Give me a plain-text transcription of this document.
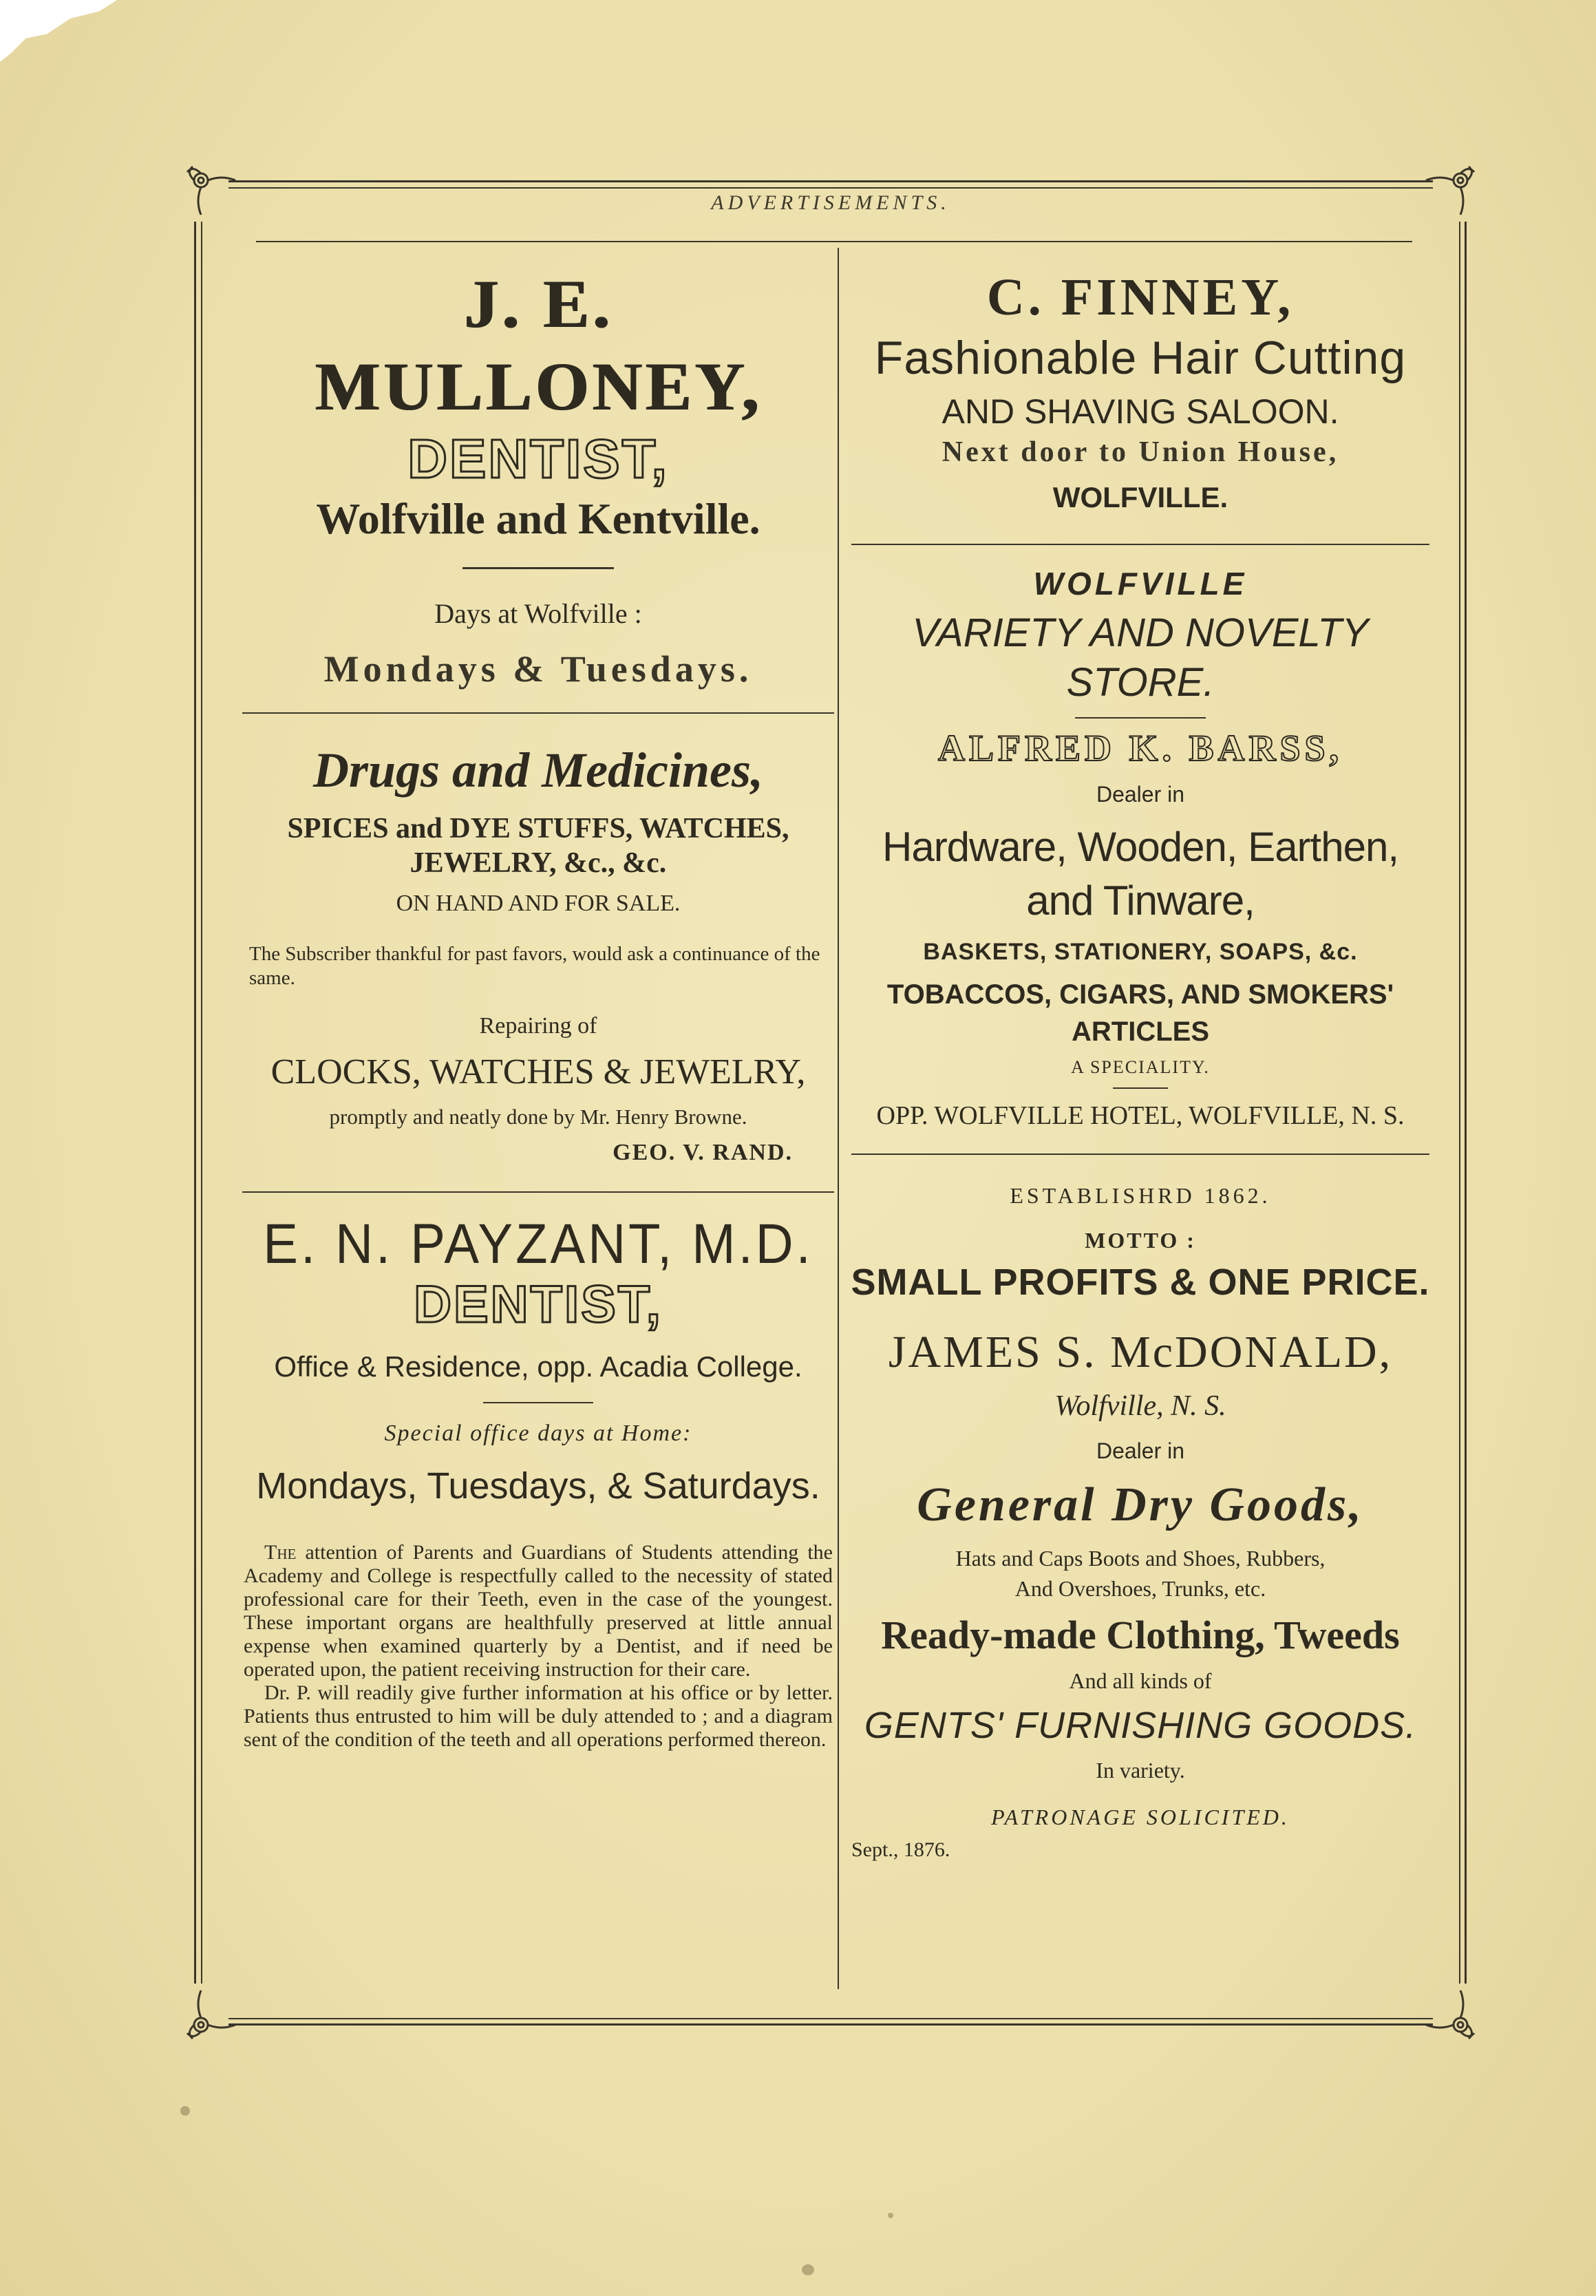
ADVERTISEMENTS.
J. E. MULLONEY,
DENTIST,
Wolfville and Kentville.
Days at Wolfville :
Mondays & Tuesdays.
Drugs and Medicines,
SPICES and DYE STUFFS, WATCHES,
JEWELRY, &c., &c.
ON HAND AND FOR SALE.
The Subscriber thankful for past favors, would ask a continuance of the same.
Repairing of
CLOCKS, WATCHES & JEWELRY,
promptly and neatly done by Mr. Henry Browne.
GEO. V. RAND.
E. N. PAYZANT, M.D.
DENTIST,
Office & Residence, opp. Acadia College.
Special office days at Home:
Mondays, Tuesdays, & Saturdays.
The attention of Parents and Guardians of Students attending the Academy and College is respectfully called to the necessity of stated professional care for their Teeth, even in the case of the youngest. These important organs are healthfully preserved at little annual expense when examined quarterly by a Dentist, and if need be operated upon, the patient receiving instruction for their care.
Dr. P. will readily give further information at his office or by letter. Patients thus entrusted to him will be duly attended to ; and a diagram sent of the condition of the teeth and all operations performed thereon.
C. FINNEY,
Fashionable Hair Cutting
AND SHAVING SALOON.
Next door to Union House,
WOLFVILLE.
WOLFVILLE
VARIETY AND NOVELTY STORE.
ALFRED K. BARSS,
Dealer in
Hardware, Wooden, Earthen, and Tinware,
BASKETS, STATIONERY, SOAPS, &c.
TOBACCOS, CIGARS, AND SMOKERS' ARTICLES
A SPECIALITY.
OPP. WOLFVILLE HOTEL, WOLFVILLE, N. S.
ESTABLISHRD 1862.
MOTTO :
SMALL PROFITS & ONE PRICE.
JAMES S. McDONALD,
Wolfville, N. S.
Dealer in
General Dry Goods,
Hats and Caps Boots and Shoes, Rubbers,
And Overshoes, Trunks, etc.
Ready-made Clothing, Tweeds
And all kinds of
GENTS' FURNISHING GOODS.
In variety.
PATRONAGE SOLICITED.
Sept., 1876.
